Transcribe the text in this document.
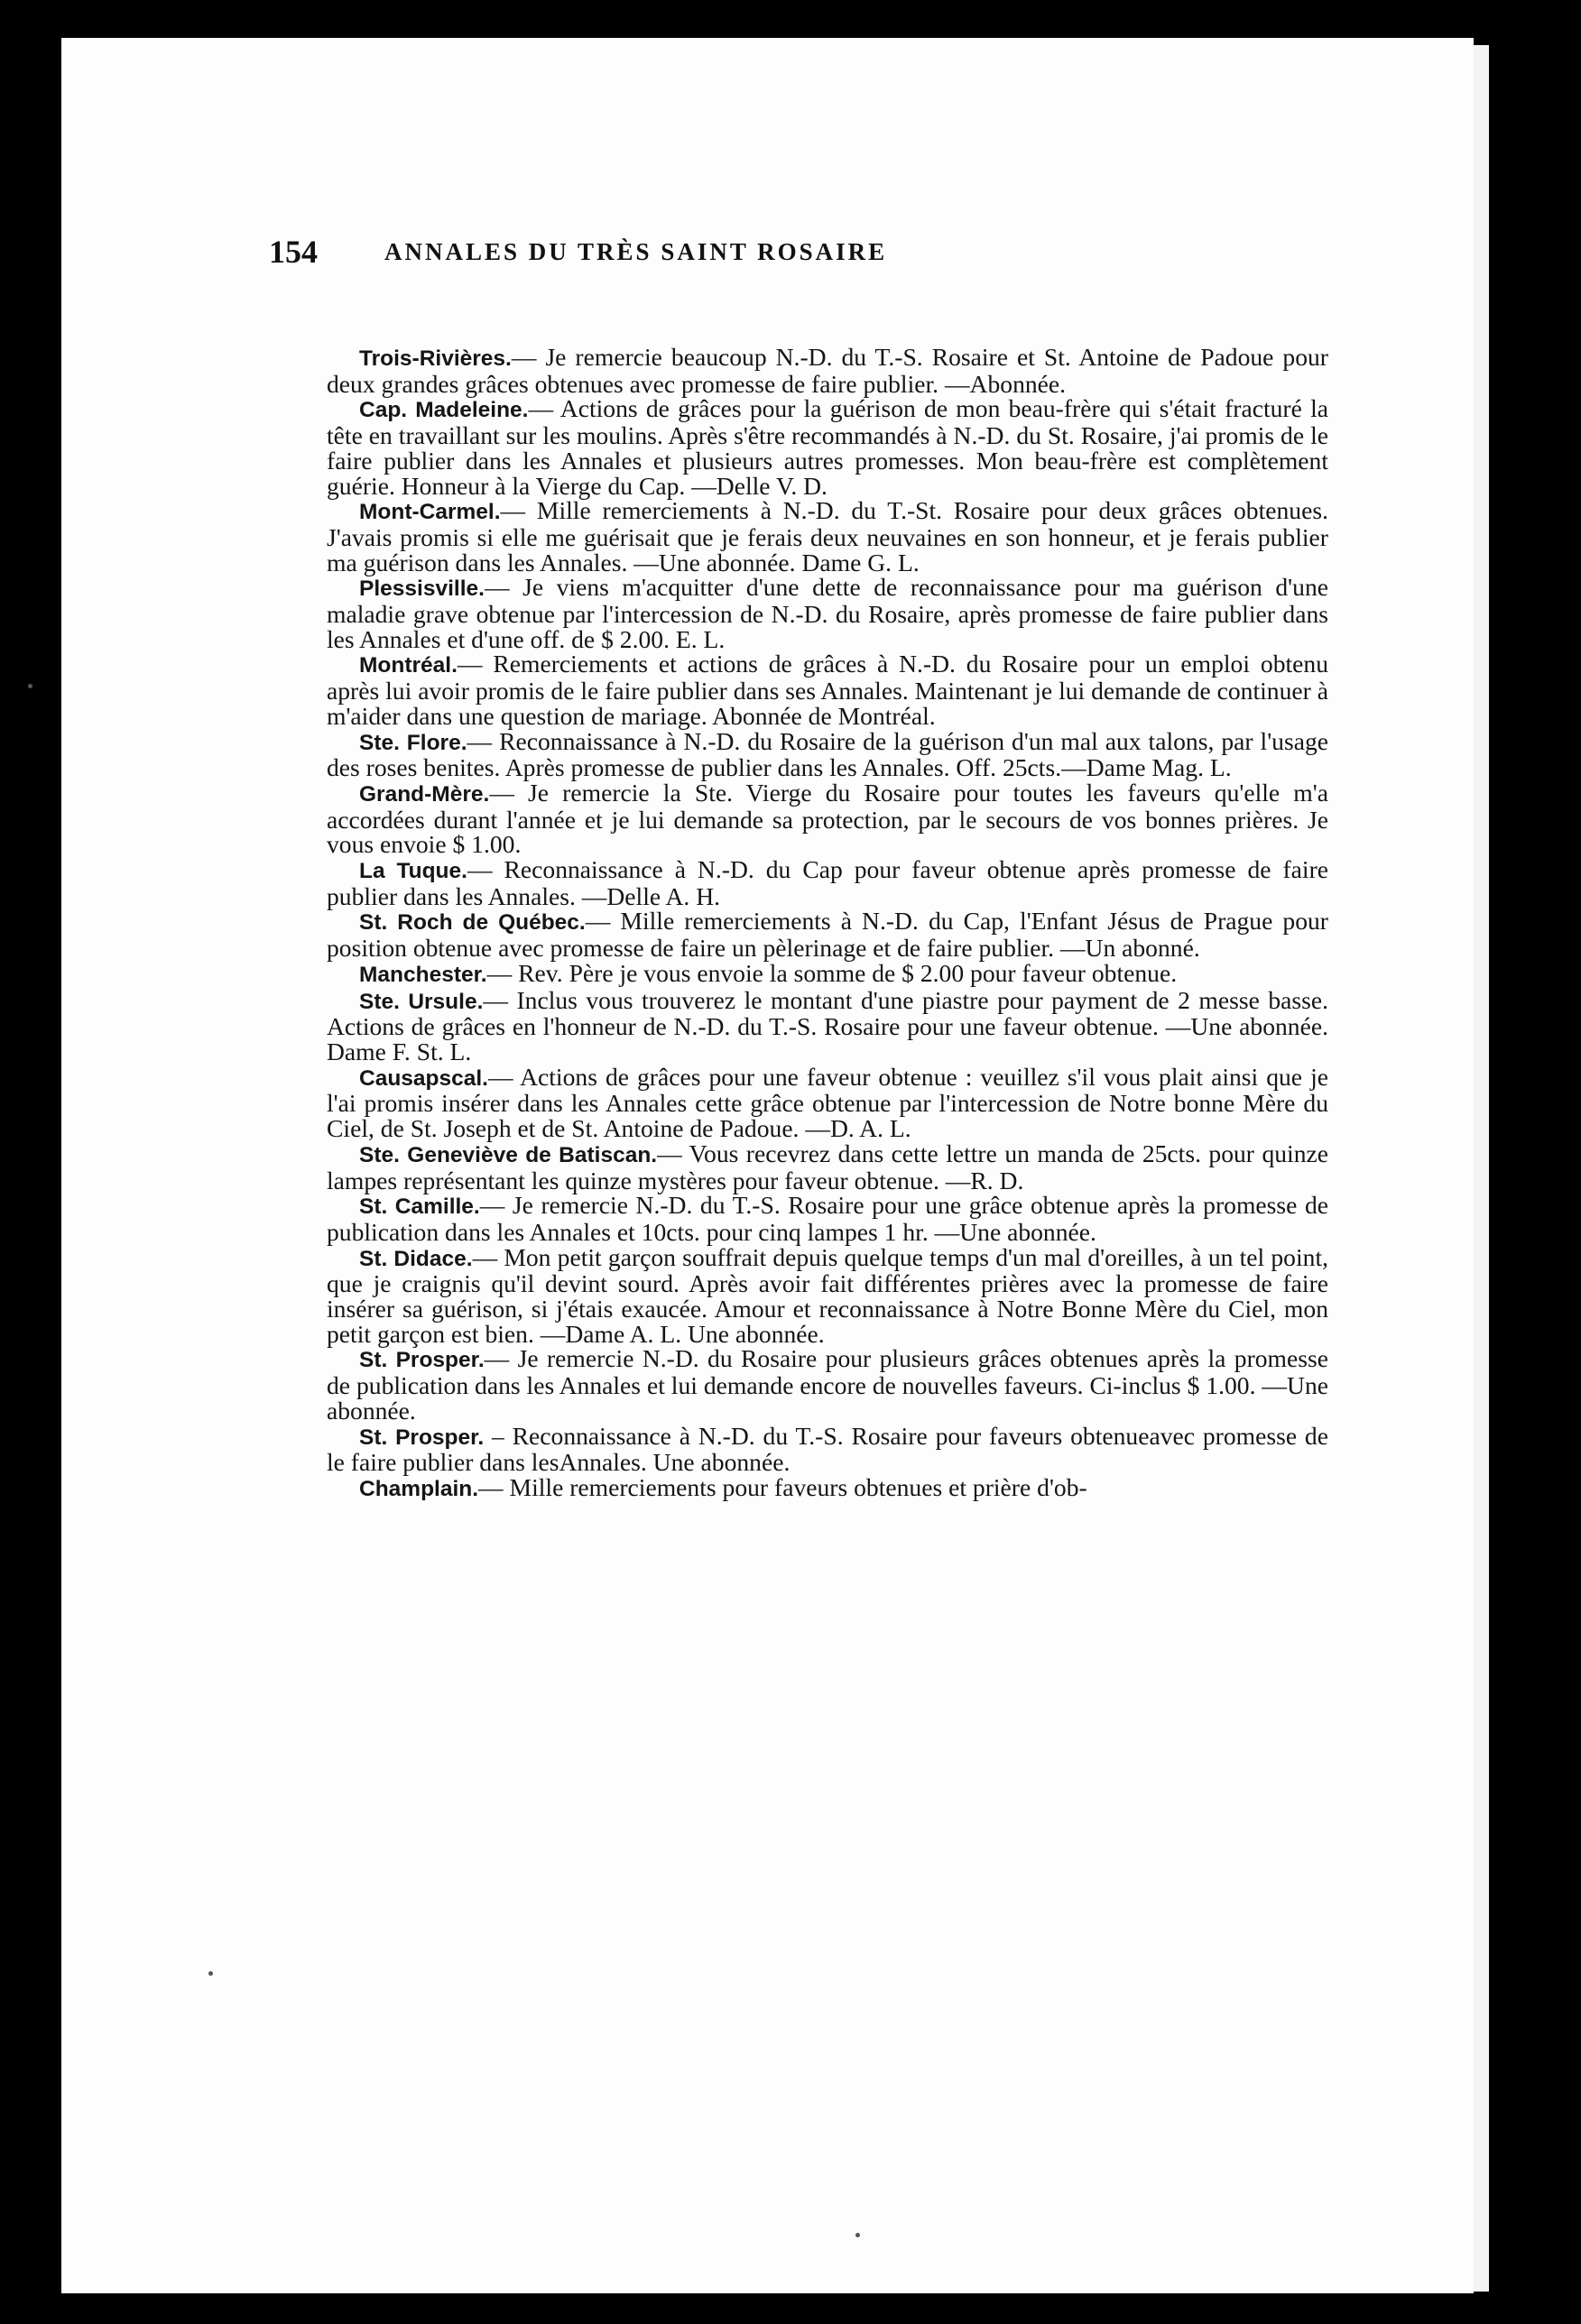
154	ANNALES DU TRÈS SAINT ROSAIRE

Trois-Rivières.— Je remercie beaucoup N.-D. du T.-S. Rosaire et St. Antoine de Padoue pour deux grandes grâces obtenues avec promesse de faire publier. —Abonnée.

Cap. Madeleine.— Actions de grâces pour la guérison de mon beau-frère qui s'était fracturé la tête en travaillant sur les moulins. Après s'être recommandés à N.-D. du St. Rosaire, j'ai promis de le faire publier dans les Annales et plusieurs autres promesses. Mon beau-frère est complètement guérie. Honneur à la Vierge du Cap. —Delle V. D.

Mont-Carmel.— Mille remerciements à N.-D. du T.-St. Rosaire pour deux grâces obtenues. J'avais promis si elle me guérisait que je ferais deux neuvaines en son honneur, et je ferais publier ma guérison dans les Annales. —Une abonnée. Dame G. L.

Plessisville.— Je viens m'acquitter d'une dette de reconnaissance pour ma guérison d'une maladie grave obtenue par l'intercession de N.-D. du Rosaire, après promesse de faire publier dans les Annales et d'une off. de $ 2.00. E. L.

Montréal.— Remerciements et actions de grâces à N.-D. du Rosaire pour un emploi obtenu après lui avoir promis de le faire publier dans ses Annales. Maintenant je lui demande de continuer à m'aider dans une question de mariage. Abonnée de Montréal.

Ste. Flore.— Reconnaissance à N.-D. du Rosaire de la guérison d'un mal aux talons, par l'usage des roses benites. Après promesse de publier dans les Annales. Off. 25cts.—Dame Mag. L.

Grand-Mère.— Je remercie la Ste. Vierge du Rosaire pour toutes les faveurs qu'elle m'a accordées durant l'année et je lui demande sa protection, par le secours de vos bonnes prières. Je vous envoie $ 1.00.

La Tuque.— Reconnaissance à N.-D. du Cap pour faveur obtenue après promesse de faire publier dans les Annales. —Delle A. H.

St. Roch de Québec.— Mille remerciements à N.-D. du Cap, l'Enfant Jésus de Prague pour position obtenue avec promesse de faire un pèlerinage et de faire publier. —Un abonné.

Manchester.— Rev. Père je vous envoie la somme de $ 2.00 pour faveur obtenue.

Ste. Ursule.— Inclus vous trouverez le montant d'une piastre pour payment de 2 messe basse. Actions de grâces en l'honneur de N.-D. du T.-S. Rosaire pour une faveur obtenue. —Une abonnée. Dame F. St. L.

Causapscal.— Actions de grâces pour une faveur obtenue : veuillez s'il vous plait ainsi que je l'ai promis insérer dans les Annales cette grâce obtenue par l'intercession de Notre bonne Mère du Ciel, de St. Joseph et de St. Antoine de Padoue. —D. A. L.

Ste. Geneviève de Batiscan.— Vous recevrez dans cette lettre un manda de 25cts. pour quinze lampes représentant les quinze mystères pour faveur obtenue. —R. D.

St. Camille.— Je remercie N.-D. du T.-S. Rosaire pour une grâce obtenue après la promesse de publication dans les Annales et 10cts. pour cinq lampes 1 hr. —Une abonnée.

St. Didace.— Mon petit garçon souffrait depuis quelque temps d'un mal d'oreilles, à un tel point, que je craignis qu'il devint sourd. Après avoir fait différentes prières avec la promesse de faire insérer sa guérison, si j'étais exaucée. Amour et reconnaissance à Notre Bonne Mère du Ciel, mon petit garçon est bien. —Dame A. L. Une abonnée.

St. Prosper.— Je remercie N.-D. du Rosaire pour plusieurs grâces obtenues après la promesse de publication dans les Annales et lui demande encore de nouvelles faveurs. Ci-inclus $ 1.00. —Une abonnée.

St. Prosper. – Reconnaissance à N.-D. du T.-S. Rosaire pour faveurs obtenueavec promesse de le faire publier dans lesAnnales. Une abonnée.

Champlain.— Mille remerciements pour faveurs obtenues et prière d'ob-
